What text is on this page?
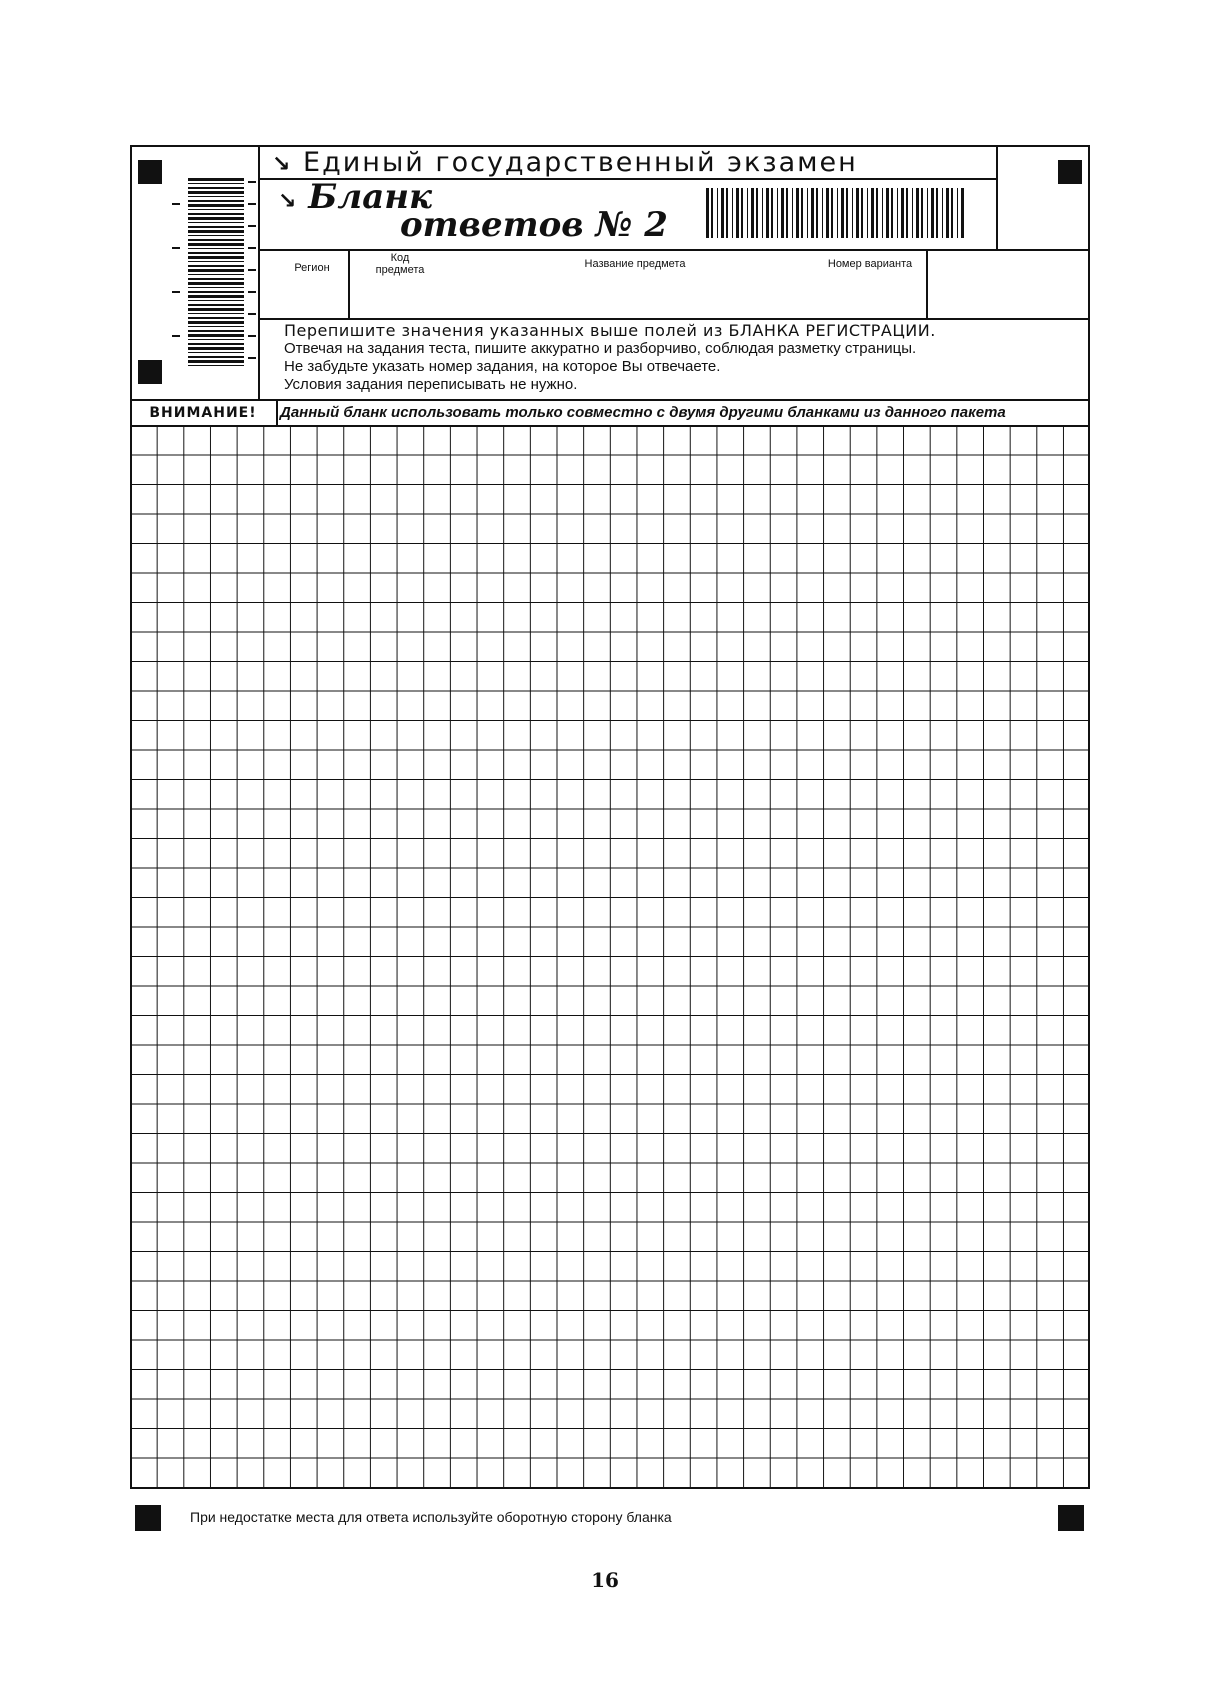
↘ Единый государственный экзамен
↘ Бланк
ответов № 2
Регион
Код предмета	Название предмета	Номер варианта
Перепишите значения указанных выше полей из БЛАНКА РЕГИСТРАЦИИ.
Отвечая на задания теста, пишите аккуратно и разборчиво, соблюдая разметку страницы.
Не забудьте указать номер задания, на которое Вы отвечаете.
Условия задания переписывать не нужно.
ВНИМАНИЕ!	Данный бланк использовать только совместно с двумя другими бланками из данного пакета
При недостатке места для ответа используйте оборотную сторону бланка
16
